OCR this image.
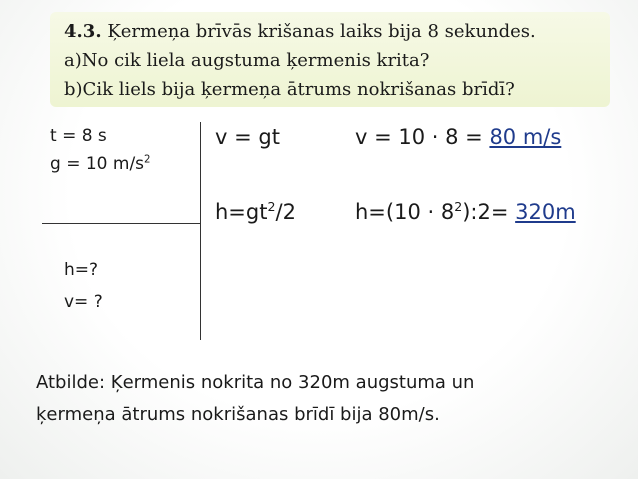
4.3. Ķermeņa brīvās krišanas laiks bija 8 sekundes.
a)No cik liela augstuma ķermenis krita?
b)Cik liels bija ķermeņa ātrums nokrišanas brīdī?
t = 8 s
g = 10 $m/s^2$
h=?
v= ?
v = gt	v = 10 · 8 = 80 m/s
$h=gt^2/2$	$h=(10 \cdot 8^2):2= 320m$
Atbilde: Ķermenis nokrita no 320m augstuma un
ķermeņa ātrums nokrišanas brīdī bija 80m/s.
